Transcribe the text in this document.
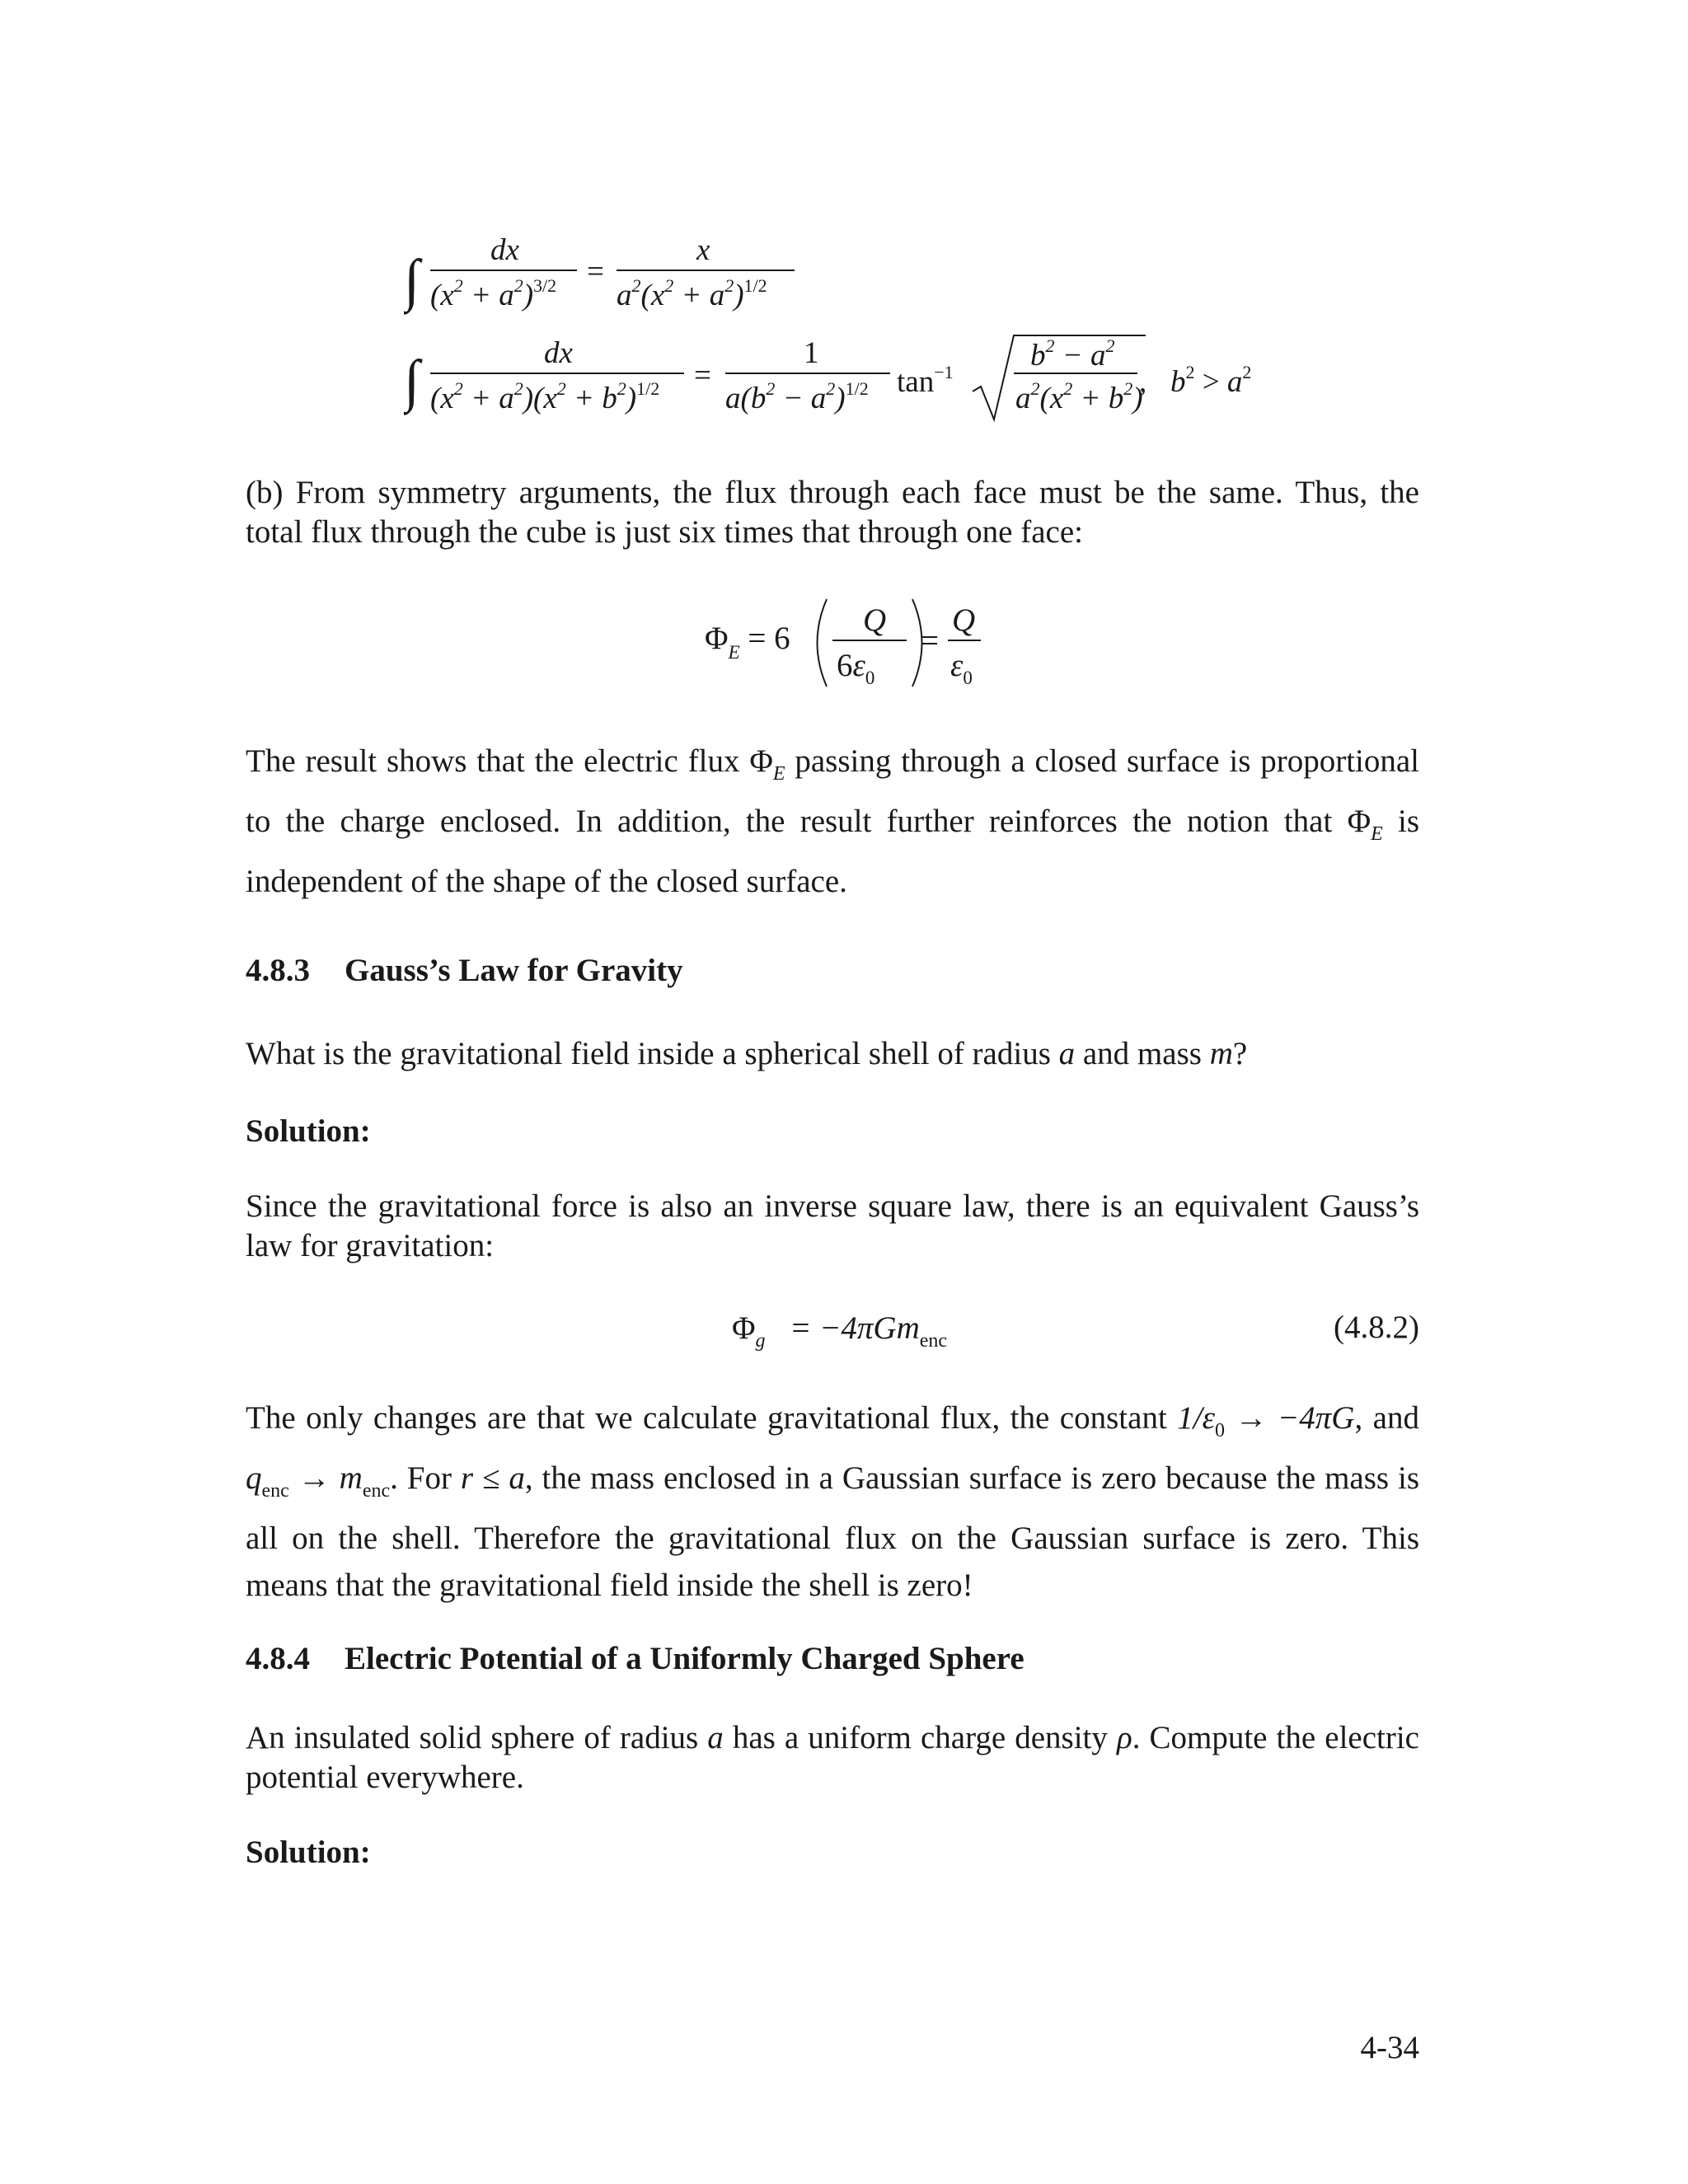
∫ dx
$(x^2 + a^2)^{3/2}$ =
x
$a^2(x^2 + a^2)^{1/2}$
∫	dx
$(x^2 + a^2)(x^2 + b^2)^{1/2}$ =
1
$a(b^2 - a^2)^{1/2}$ $\tan^{-1}$	$b^2 - a^2$
$a^2(x^2 + b^2)$
, $b^2 > a^2$

(b) From symmetry arguments, the flux through each face must be the same. Thus, the total flux through the cube is just six times that through one face:

$\Phi_E = 6$
Q
$6\varepsilon_0$
=
Q
$\varepsilon_0$

The result shows that the electric flux $\Phi_E$ passing through a closed surface is proportional to the charge enclosed. In addition, the result further reinforces the notion that $\Phi_E$ is independent of the shape of the closed surface.

4.8.3 Gauss’s Law for Gravity

What is the gravitational field inside a spherical shell of radius a and mass m?

Solution:

Since the gravitational force is also an inverse square law, there is an equivalent Gauss’s law for gravitation:

$\Phi_g = -4\pi Gm_{enc}$	(4.8.2)

The only changes are that we calculate gravitational flux, the constant $1/\varepsilon_0 \to -4\pi G$, and $q_{enc} \to m_{enc}$. For r ≤ a, the mass enclosed in a Gaussian surface is zero because the mass is all on the shell. Therefore the gravitational flux on the Gaussian surface is zero. This means that the gravitational field inside the shell is zero!

4.8.4 Electric Potential of a Uniformly Charged Sphere

An insulated solid sphere of radius a has a uniform charge density ρ. Compute the electric potential everywhere.

Solution:

4-34
